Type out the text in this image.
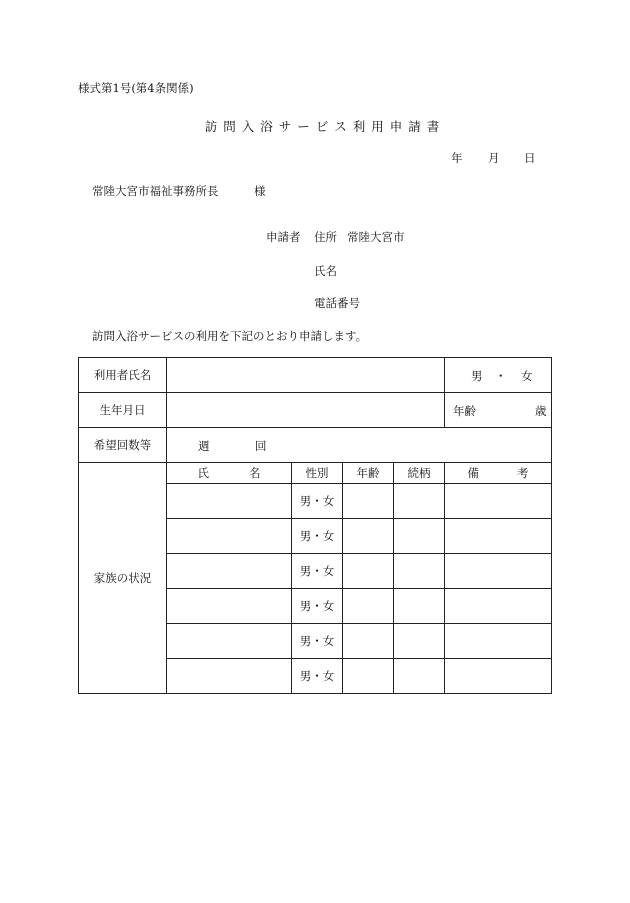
様式第1号(第4条関係)
訪問入浴サービス利用申請書
年 月 日
常陸大宮市福祉事務所長	様
申請者 住所 常陸大宮市
氏名
電話番号
訪問入浴サービスの利用を下記のとおり申請します。
利用者氏名					男 ・ 女

生年月日					年齢 歳

希望回数等	週 回				

家族の状況	氏 名	性別	年齢	続柄	備 考
		男・女			
		男・女			
		男・女			
		男・女			
		男・女			
		男・女			
